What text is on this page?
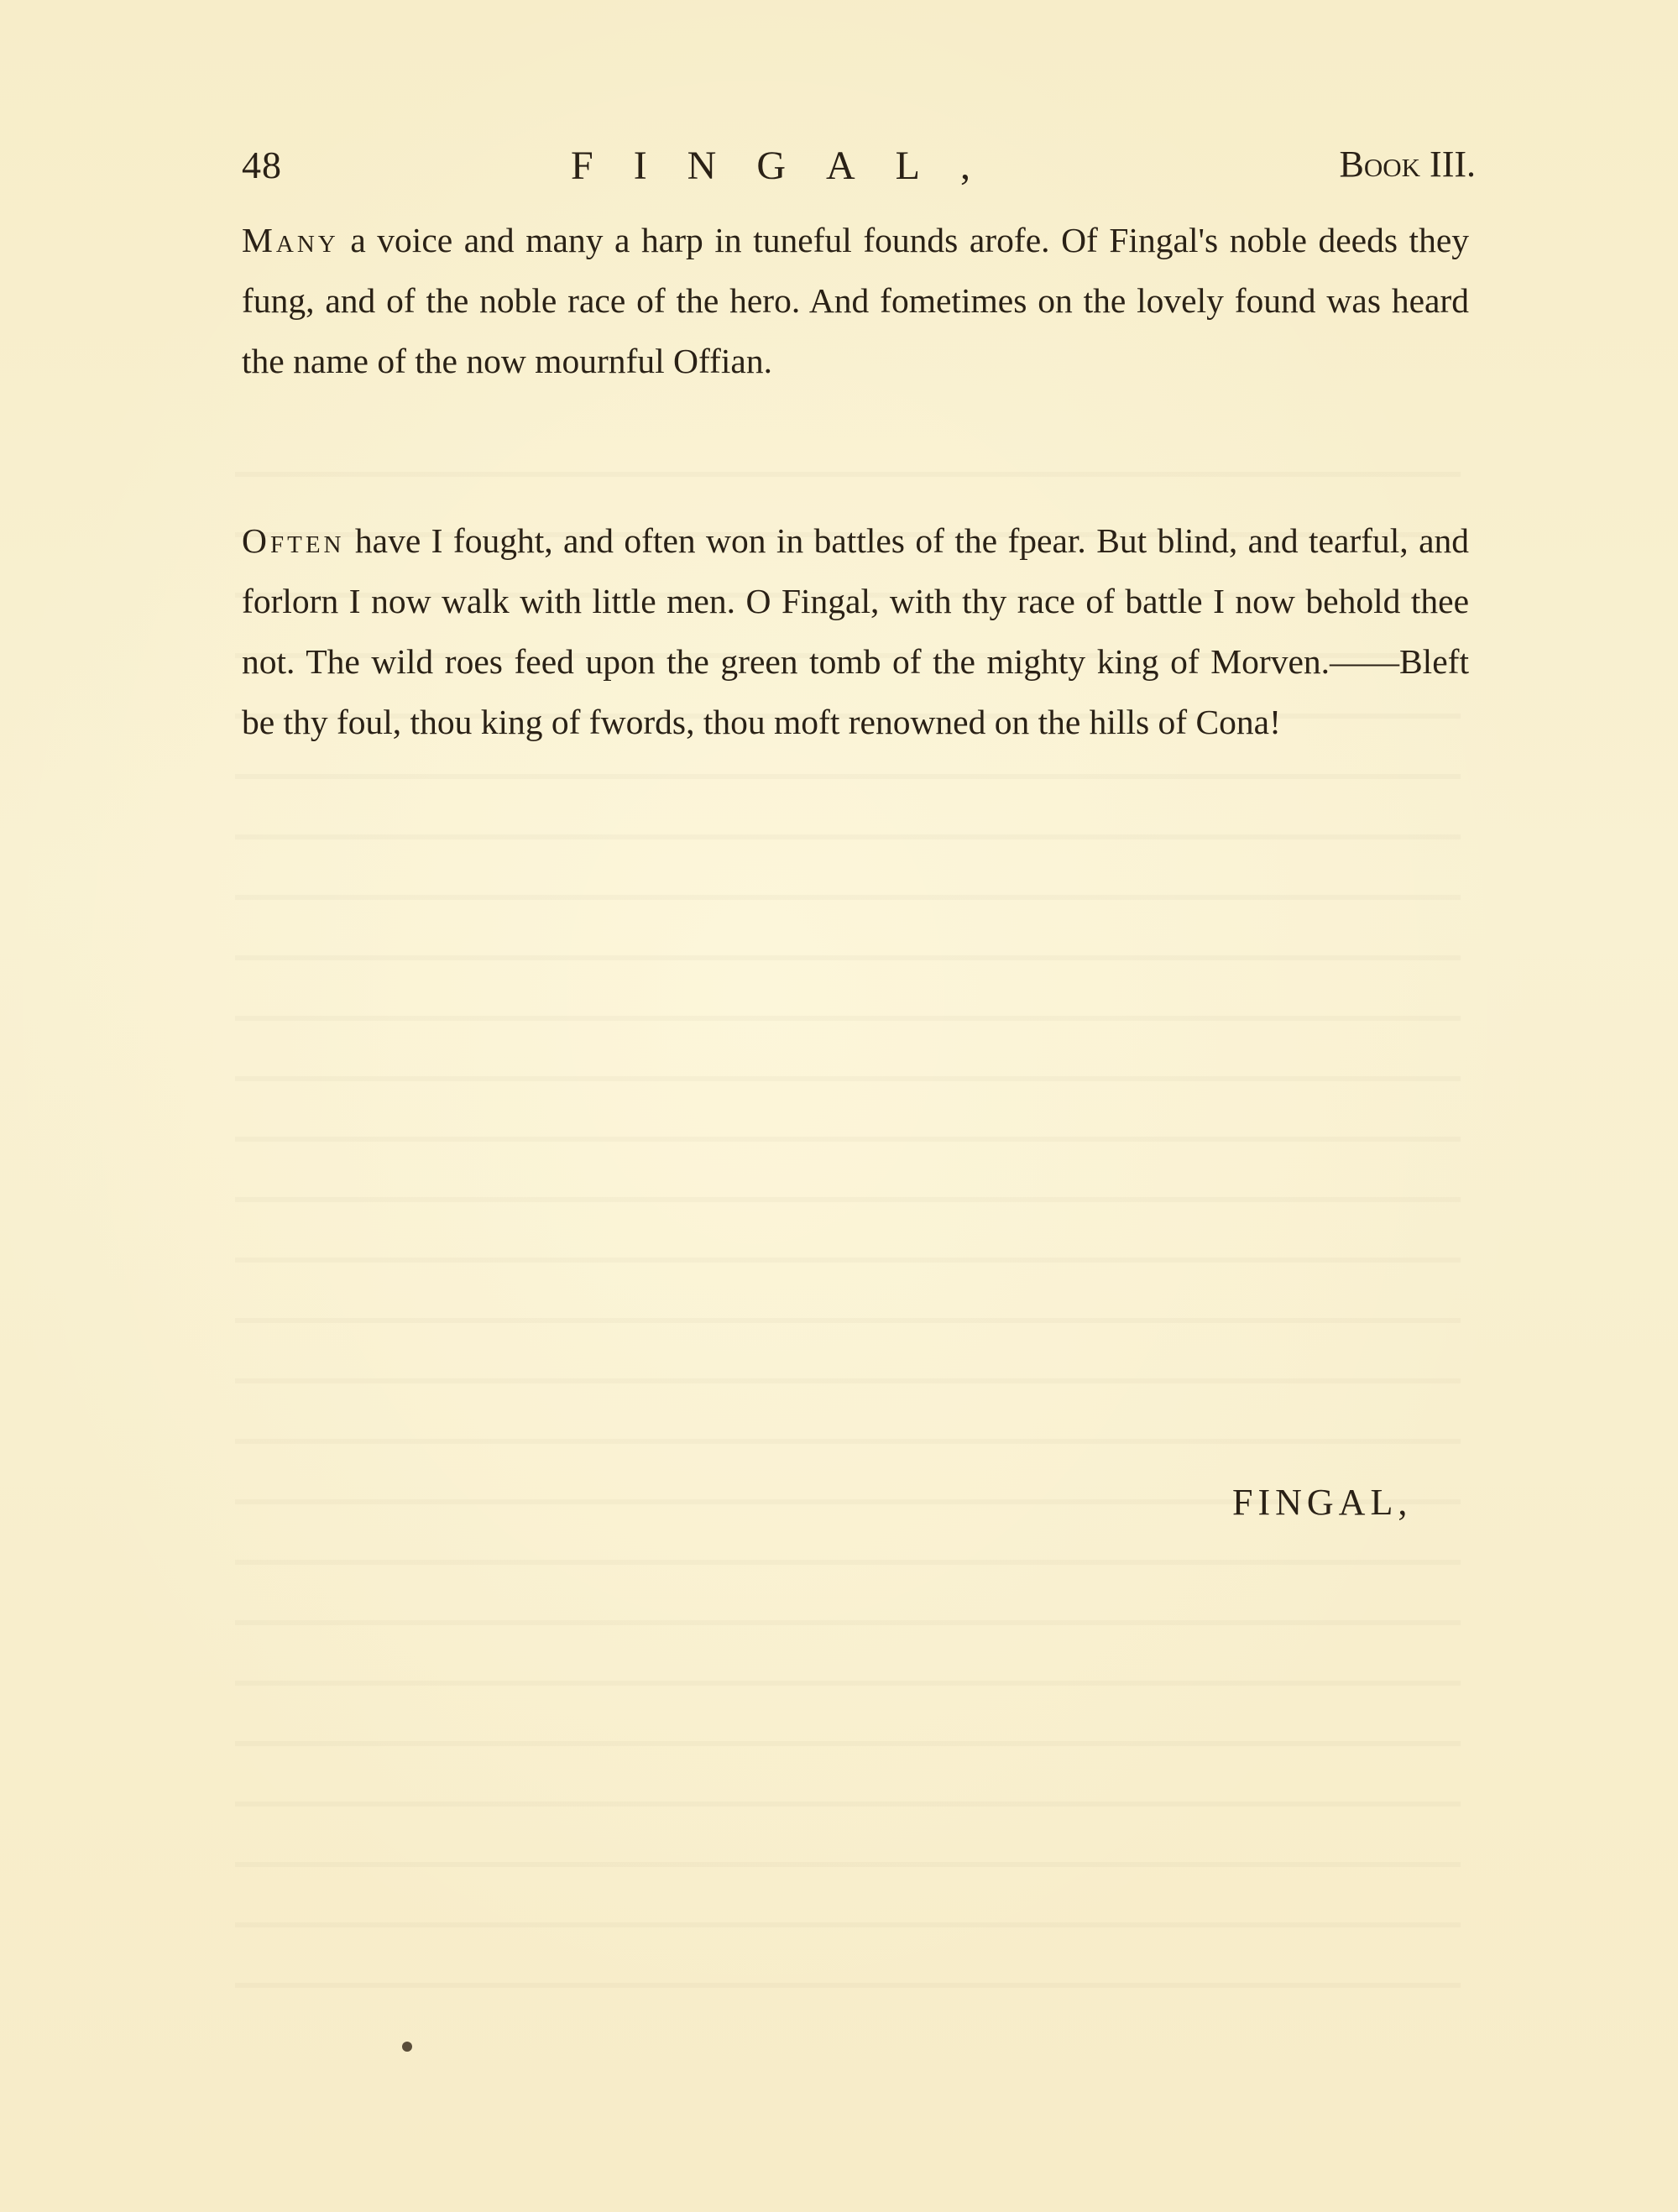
48	FINGAL,	Book III.

Many a voice and many a harp in tuneful founds arofe. Of Fingal's noble deeds they fung, and of the noble race of the hero. And fometimes on the lovely found was heard the name of the now mournful Offian.

Often have I fought, and often won in battles of the fpear. But blind, and tearful, and forlorn I now walk with little men. O Fingal, with thy race of battle I now behold thee not. The wild roes feed upon the green tomb of the mighty king of Morven.——Bleft be thy foul, thou king of fwords, thou moft renowned on the hills of Cona!

FINGAL,
